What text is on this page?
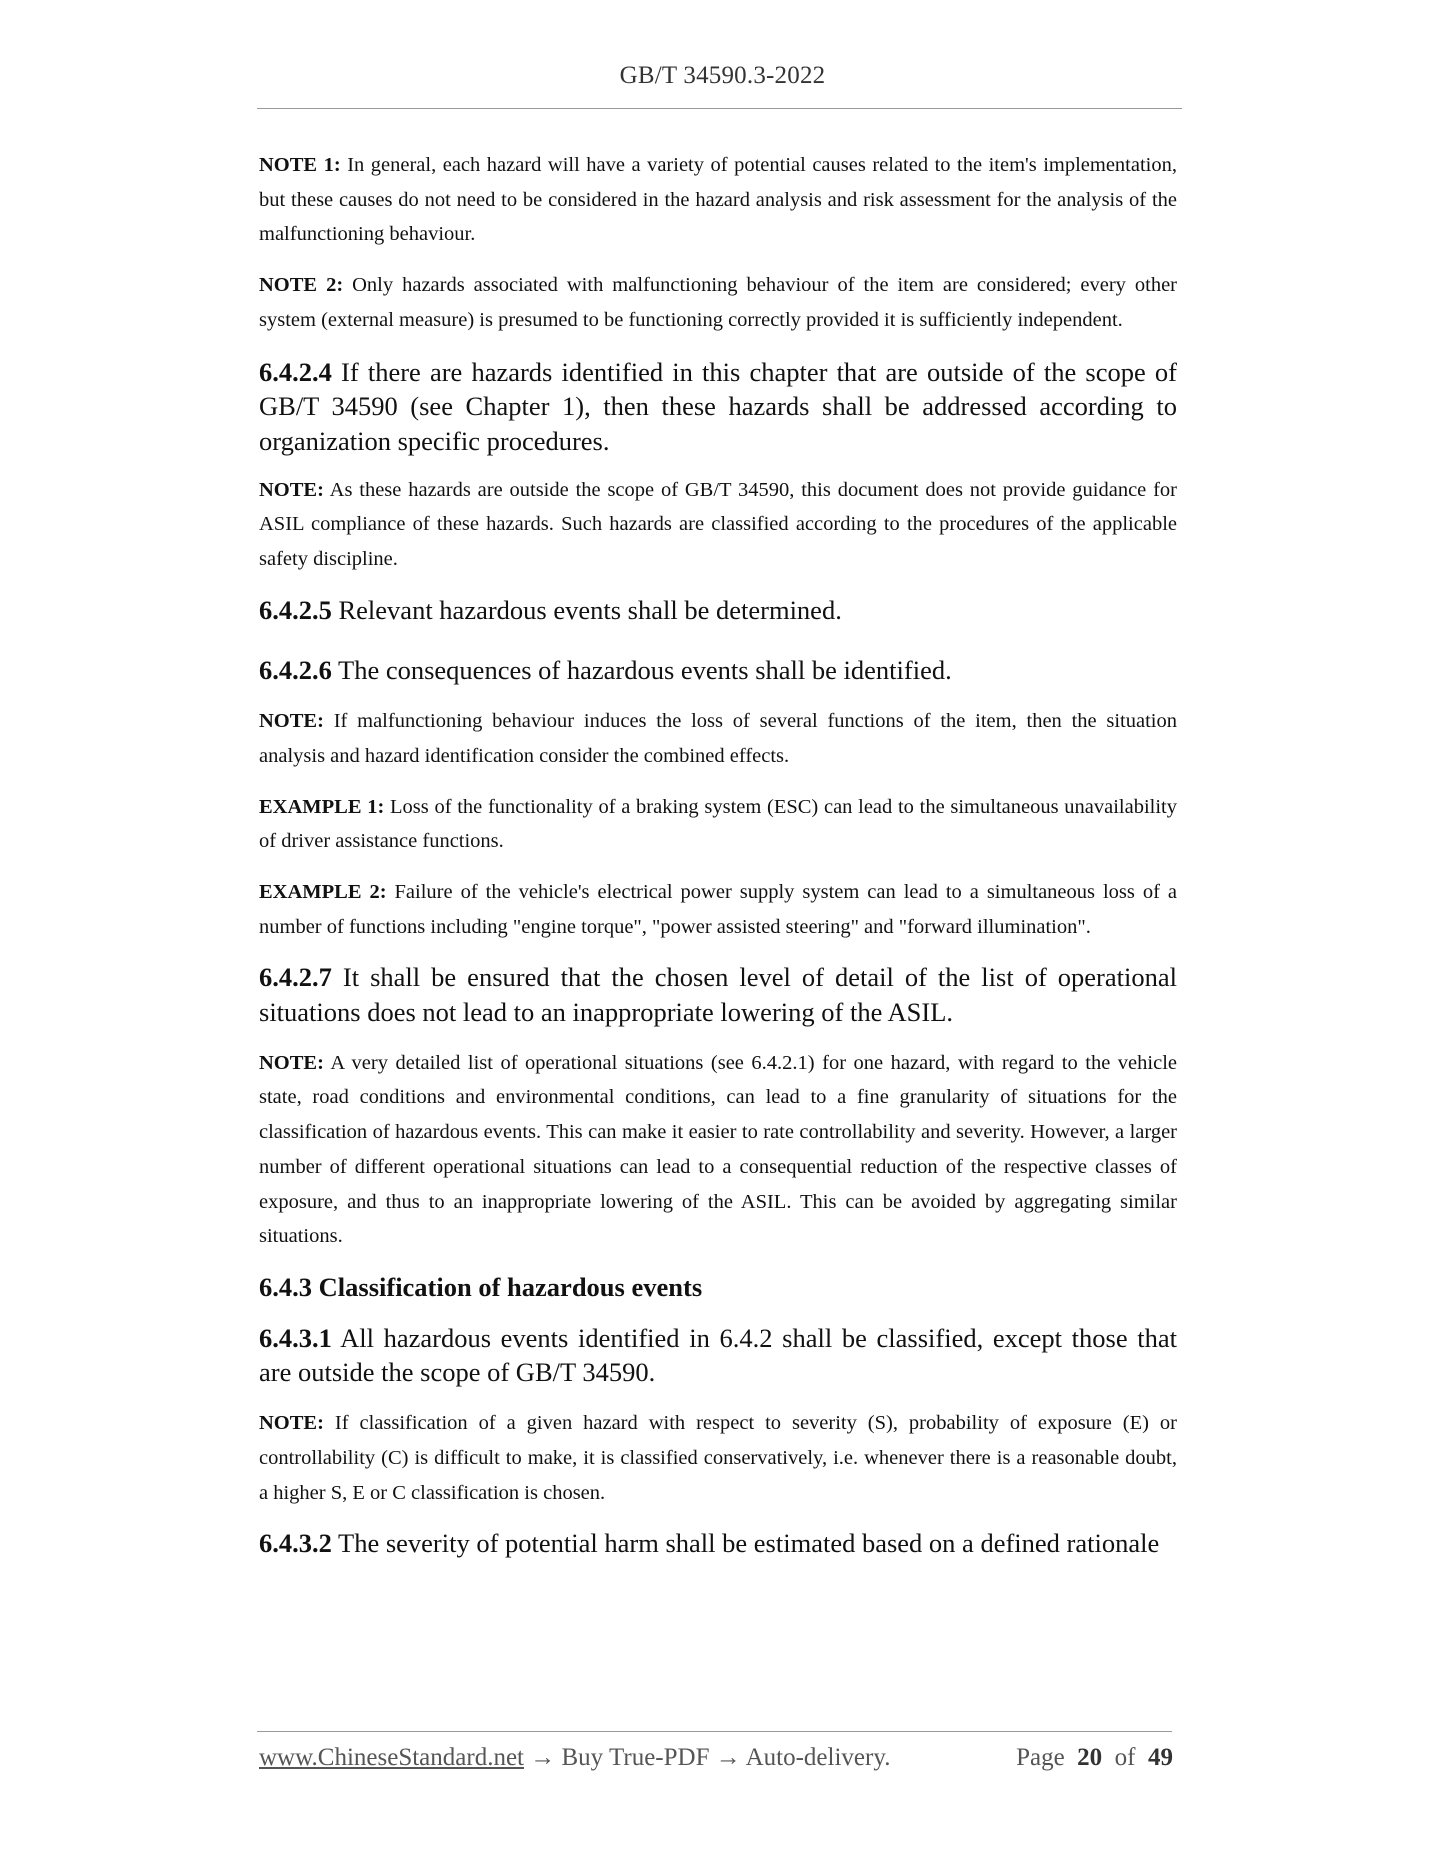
GB/T 34590.3-2022

NOTE 1: In general, each hazard will have a variety of potential causes related to the item's implementation, but these causes do not need to be considered in the hazard analysis and risk assessment for the analysis of the malfunctioning behaviour.

NOTE 2: Only hazards associated with malfunctioning behaviour of the item are considered; every other system (external measure) is presumed to be functioning correctly provided it is sufficiently independent.

6.4.2.4 If there are hazards identified in this chapter that are outside of the scope of GB/T 34590 (see Chapter 1), then these hazards shall be addressed according to organization specific procedures.

NOTE: As these hazards are outside the scope of GB/T 34590, this document does not provide guidance for ASIL compliance of these hazards. Such hazards are classified according to the procedures of the applicable safety discipline.

6.4.2.5 Relevant hazardous events shall be determined.

6.4.2.6 The consequences of hazardous events shall be identified.

NOTE: If malfunctioning behaviour induces the loss of several functions of the item, then the situation analysis and hazard identification consider the combined effects.

EXAMPLE 1: Loss of the functionality of a braking system (ESC) can lead to the simultaneous unavailability of driver assistance functions.

EXAMPLE 2: Failure of the vehicle's electrical power supply system can lead to a simultaneous loss of a number of functions including "engine torque", "power assisted steering" and "forward illumination".

6.4.2.7 It shall be ensured that the chosen level of detail of the list of operational situations does not lead to an inappropriate lowering of the ASIL.

NOTE: A very detailed list of operational situations (see 6.4.2.1) for one hazard, with regard to the vehicle state, road conditions and environmental conditions, can lead to a fine granularity of situations for the classification of hazardous events. This can make it easier to rate controllability and severity. However, a larger number of different operational situations can lead to a consequential reduction of the respective classes of exposure, and thus to an inappropriate lowering of the ASIL. This can be avoided by aggregating similar situations.

6.4.3 Classification of hazardous events

6.4.3.1 All hazardous events identified in 6.4.2 shall be classified, except those that are outside the scope of GB/T 34590.

NOTE: If classification of a given hazard with respect to severity (S), probability of exposure (E) or controllability (C) is difficult to make, it is classified conservatively, i.e. whenever there is a reasonable doubt, a higher S, E or C classification is chosen.

6.4.3.2 The severity of potential harm shall be estimated based on a defined rationale

www.ChineseStandard.net → Buy True-PDF → Auto-delivery.	Page 20 of 49
